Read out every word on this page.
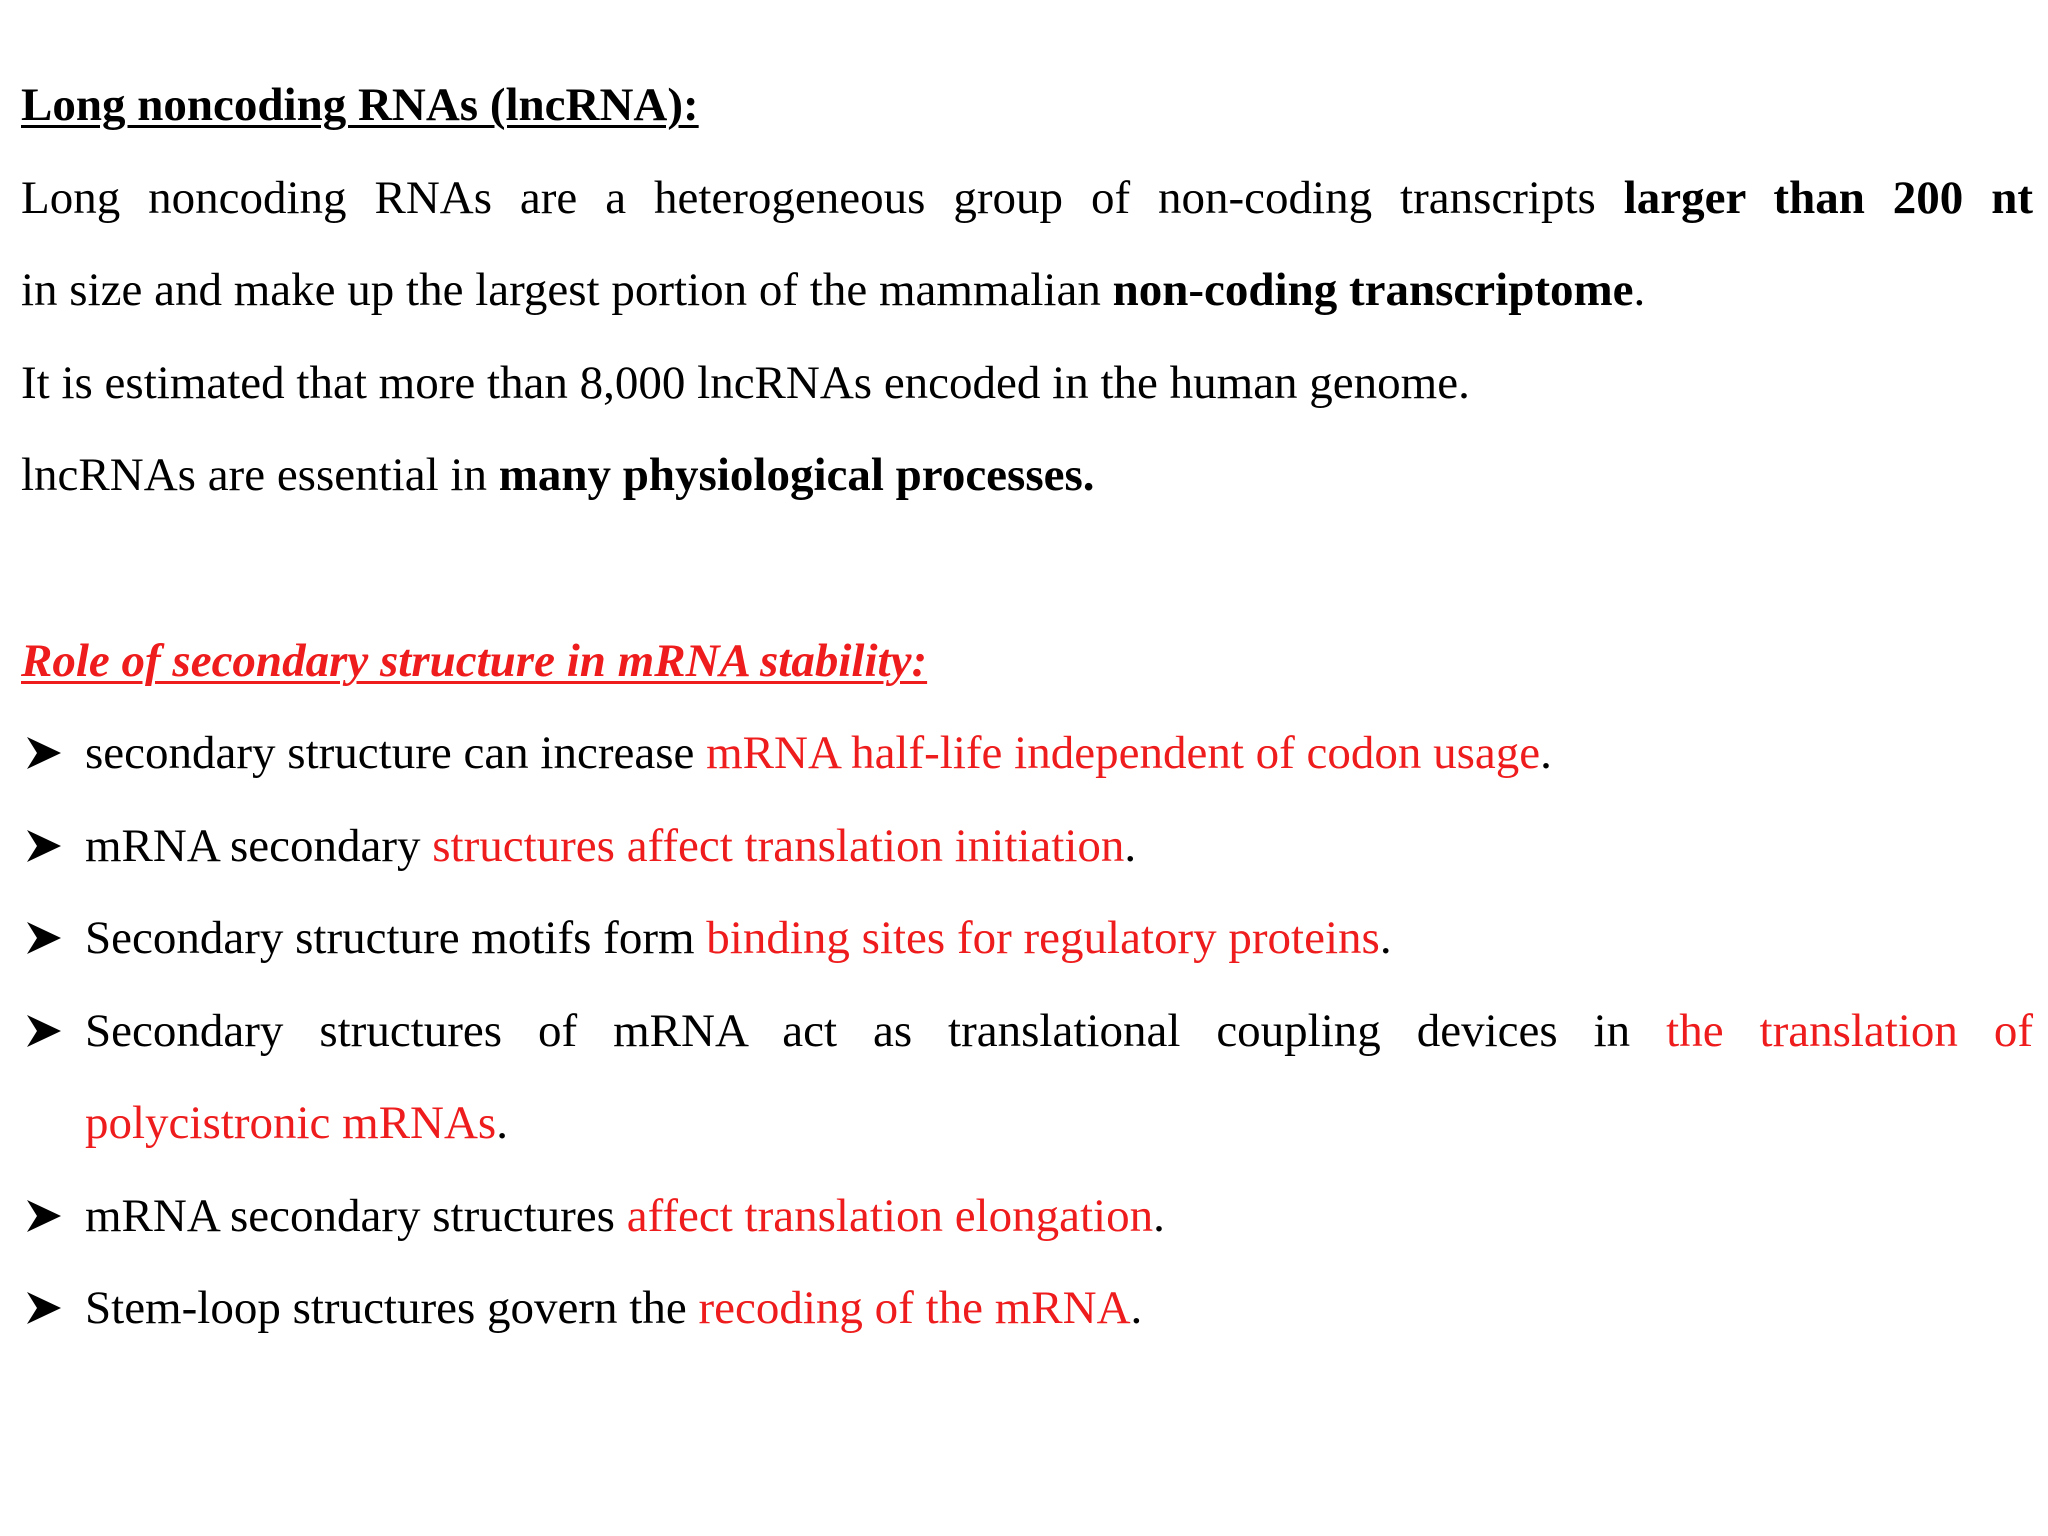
Long noncoding RNAs (lncRNA):
Long noncoding RNAs are a heterogeneous group of non-coding transcripts larger than 200 nt
in size and make up the largest portion of the mammalian non-coding transcriptome.
It is estimated that more than 8,000 lncRNAs encoded in the human genome.
lncRNAs are essential in many physiological processes.
Role of secondary structure in mRNA stability:
secondary structure can increase mRNA half-life independent of codon usage.
mRNA secondary structures affect translation initiation.
Secondary structure motifs form binding sites for regulatory proteins.
Secondary structures of mRNA act as translational coupling devices in the translation of
polycistronic mRNAs.
mRNA secondary structures affect translation elongation.
Stem-loop structures govern the recoding of the mRNA.
